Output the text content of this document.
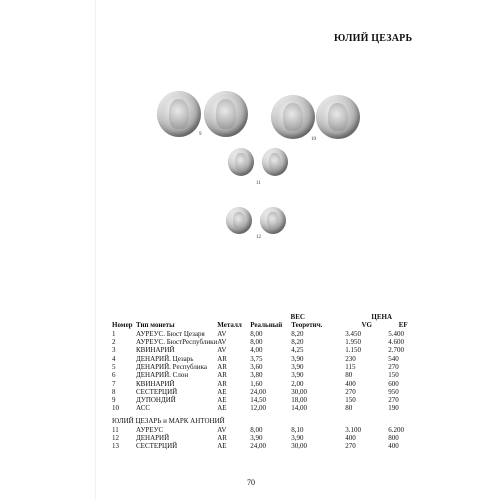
ЮЛИЙ ЦЕЗАРЬ
9
10
11
12
			ВЕС		ЦЕНА	
Номер	Тип монеты	Металл	Реальный	Теоретич.	VG	EF
1	АУРЕУС. Бюст Цезаря	AV	8,00	8,20	3.450	5.400
2	АУРЕУС. БюстРеспублики	AV	8,00	8,20	1.950	4.600
3	КВИНАРИЙ	AV	4,00	4,25	1.150	2.700
4	ДЕНАРИЙ. Цезарь	AR	3,75	3,90	230	540
5	ДЕНАРИЙ. Республика	AR	3,60	3,90	115	270
6	ДЕНАРИЙ. Слон	AR	3,80	3,90	80	150
7	КВИНАРИЙ	AR	1,60	2,00	400	600
8	СЕСТЕРЦИЙ	AE	24,00	30,00	270	950
9	ДУПОНДИЙ	AE	14,50	18,00	150	270
10	АСС	AE	12,00	14,00	80	190
ЮЛИЙ ЦЕЗАРЬ и МАРК АНТОНИЙ						
11	АУРЕУС	AV	8,00	8,10	3.100	6.200
12	ДЕНАРИЙ	AR	3,90	3,90	400	800
13	СЕСТЕРЦИЙ	AE	24,00	30,00	270	400
70
